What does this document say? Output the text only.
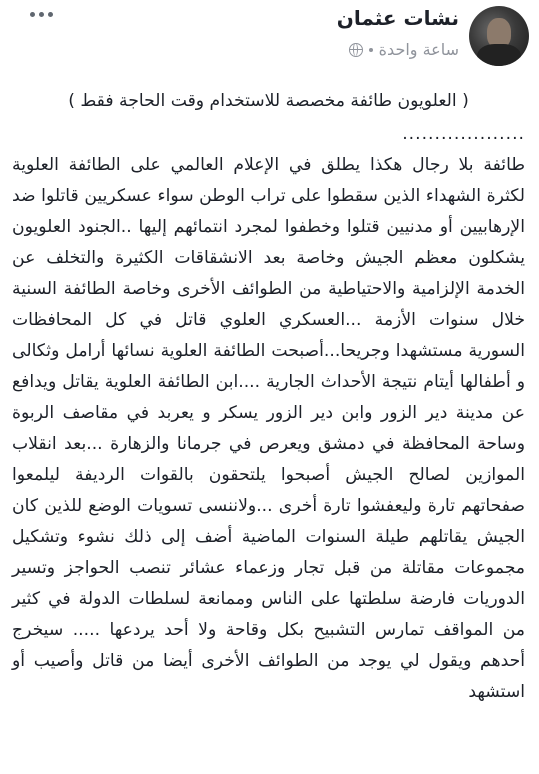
نشات عثمان
ساعة واحدة

( العلويون طائفة مخصصة للاستخدام وقت الحاجة فقط )

...................

طائفة بلا رجال هكذا يطلق في الإعلام العالمي على الطائفة العلوية لكثرة الشهداء الذين سقطوا على تراب الوطن سواء عسكريين قاتلوا ضد الإرهابيين أو مدنيين قتلوا وخطفوا لمجرد انتمائهم إليها ..الجنود العلويون يشكلون معظم الجيش وخاصة بعد الانشقاقات الكثيرة والتخلف عن الخدمة الإلزامية والاحتياطية من الطوائف الأخرى وخاصة الطائفة السنية خلال سنوات الأزمة ...العسكري العلوي قاتل في كل المحافظات السورية مستشهدا وجريحا...أصبحت الطائفة العلوية نسائها أرامل وثكالى و أطفالها أيتام نتيجة الأحداث الجارية ....ابن الطائفة العلوية يقاتل ويدافع عن مدينة دير الزور وابن دير الزور يسكر و يعربد في مقاصف الربوة وساحة المحافظة في دمشق ويعرص في جرمانا والزهارة ...بعد انقلاب الموازين لصالح الجيش أصبحوا يلتحقون بالقوات الرديفة ليلمعوا صفحاتهم تارة وليعفشوا تارة أخرى ...ولاننسى تسويات الوضع للذين كان الجيش يقاتلهم طيلة السنوات الماضية أضف إلى ذلك نشوء وتشكيل مجموعات مقاتلة من قبل تجار وزعماء عشائر تنصب الحواجز وتسير الدوريات فارضة سلطتها على الناس وممانعة لسلطات الدولة في كثير من المواقف تمارس التشبيح بكل وقاحة ولا أحد يردعها ..... سيخرج أحدهم ويقول لي يوجد من الطوائف الأخرى أيضا من قاتل وأصيب أو استشهد
